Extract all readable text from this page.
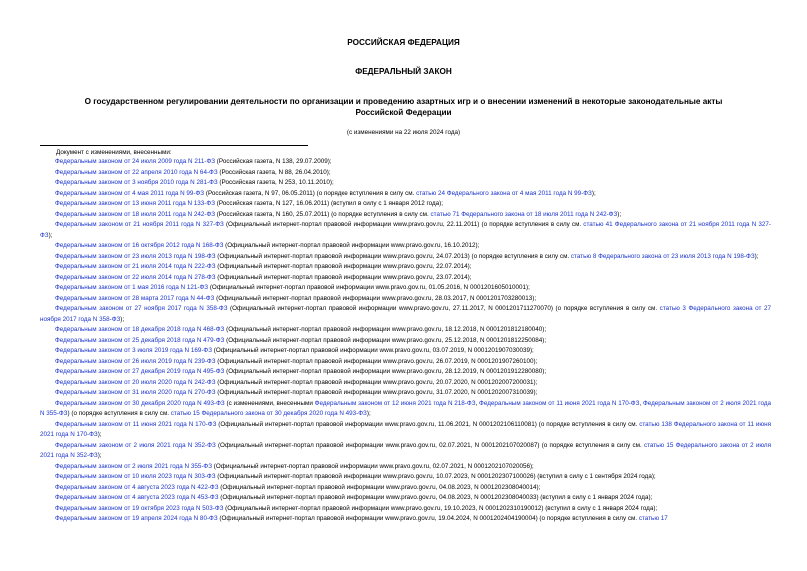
РОССИЙСКАЯ ФЕДЕРАЦИЯ
ФЕДЕРАЛЬНЫЙ ЗАКОН
О государственном регулировании деятельности по организации и проведению азартных игр и о внесении изменений в некоторые законодательные акты
Российской Федерации
(с изменениями на 22 июля 2024 года)
Документ с изменениями, внесенными:
Федеральным законом от 24 июля 2009 года N 211-ФЗ (Российская газета, N 138, 29.07.2009);
Федеральным законом от 22 апреля 2010 года N 64-ФЗ (Российская газета, N 88, 26.04.2010);
Федеральным законом от 3 ноября 2010 года N 281-ФЗ (Российская газета, N 253, 10.11.2010);
Федеральным законом от 4 мая 2011 года N 99-ФЗ (Российская газета, N 97, 06.05.2011) (о порядке вступления в силу см. статью 24 Федерального закона от 4 мая 2011 года N 99-ФЗ);
Федеральным законом от 13 июня 2011 года N 133-ФЗ (Российская газета, N 127, 16.06.2011) (вступил в силу с 1 января 2012 года);
Федеральным законом от 18 июля 2011 года N 242-ФЗ (Российская газета, N 160, 25.07.2011) (о порядке вступления в силу см. статью 71 Федерального закона от 18 июля 2011 года N 242-ФЗ);
Федеральным законом от 21 ноября 2011 года N 327-ФЗ (Официальный интернет-портал правовой информации www.pravo.gov.ru, 22.11.2011) (о порядке вступления в силу см. статью 41 Федерального закона от 21 ноября 2011 года N 327-ФЗ);
Федеральным законом от 16 октября 2012 года N 168-ФЗ (Официальный интернет-портал правовой информации www.pravo.gov.ru, 16.10.2012);
Федеральным законом от 23 июля 2013 года N 198-ФЗ (Официальный интернет-портал правовой информации www.pravo.gov.ru, 24.07.2013) (о порядке вступления в силу см. статью 8 Федерального закона от 23 июля 2013 года N 198-ФЗ);
Федеральным законом от 21 июля 2014 года N 222-ФЗ (Официальный интернет-портал правовой информации www.pravo.gov.ru, 22.07.2014);
Федеральным законом от 22 июля 2014 года N 278-ФЗ (Официальный интернет-портал правовой информации www.pravo.gov.ru, 23.07.2014);
Федеральным законом от 1 мая 2016 года N 121-ФЗ (Официальный интернет-портал правовой информации www.pravo.gov.ru, 01.05.2016, N 0001201605010001);
Федеральным законом от 28 марта 2017 года N 44-ФЗ (Официальный интернет-портал правовой информации www.pravo.gov.ru, 28.03.2017, N 0001201703280013);
Федеральным законом от 27 ноября 2017 года N 358-ФЗ (Официальный интернет-портал правовой информации www.pravo.gov.ru, 27.11.2017, N 0001201711270070) (о порядке вступления в силу см. статью 3 Федерального закона от 27 ноября 2017 года N 358-ФЗ);
Федеральным законом от 18 декабря 2018 года N 468-ФЗ (Официальный интернет-портал правовой информации www.pravo.gov.ru, 18.12.2018, N 0001201812180040);
Федеральным законом от 25 декабря 2018 года N 479-ФЗ (Официальный интернет-портал правовой информации www.pravo.gov.ru, 25.12.2018, N 0001201812250084);
Федеральным законом от 3 июля 2019 года N 169-ФЗ (Официальный интернет-портал правовой информации www.pravo.gov.ru, 03.07.2019, N 0001201907030039);
Федеральным законом от 26 июля 2019 года N 239-ФЗ (Официальный интернет-портал правовой информации www.pravo.gov.ru, 26.07.2019, N 0001201907260100);
Федеральным законом от 27 декабря 2019 года N 495-ФЗ (Официальный интернет-портал правовой информации www.pravo.gov.ru, 28.12.2019, N 0001201912280080);
Федеральным законом от 20 июля 2020 года N 242-ФЗ (Официальный интернет-портал правовой информации www.pravo.gov.ru, 20.07.2020, N 0001202007200031);
Федеральным законом от 31 июля 2020 года N 270-ФЗ (Официальный интернет-портал правовой информации www.pravo.gov.ru, 31.07.2020, N 0001202007310039);
Федеральным законом от 30 декабря 2020 года N 493-ФЗ (с изменениями, внесенными Федеральным законом от 12 июня 2021 года N 218-ФЗ, Федеральным законом от 11 июня 2021 года N 170-ФЗ, Федеральным законом от 2 июля 2021 года N 355-ФЗ) (о порядке вступления в силу см. статью 15 Федерального закона от 30 декабря 2020 года N 493-ФЗ);
Федеральным законом от 11 июня 2021 года N 170-ФЗ (Официальный интернет-портал правовой информации www.pravo.gov.ru, 11.06.2021, N 0001202106110081) (о порядке вступления в силу см. статью 138 Федерального закона от 11 июня 2021 года N 170-ФЗ);
Федеральным законом от 2 июля 2021 года N 352-ФЗ (Официальный интернет-портал правовой информации www.pravo.gov.ru, 02.07.2021, N 0001202107020087) (о порядке вступления в силу см. статью 15 Федерального закона от 2 июля 2021 года N 352-ФЗ);
Федеральным законом от 2 июля 2021 года N 355-ФЗ (Официальный интернет-портал правовой информации www.pravo.gov.ru, 02.07.2021, N 0001202107020056);
Федеральным законом от 10 июля 2023 года N 303-ФЗ (Официальный интернет-портал правовой информации www.pravo.gov.ru, 10.07.2023, N 0001202307100026) (вступил в силу с 1 сентября 2024 года);
Федеральным законом от 4 августа 2023 года N 422-ФЗ (Официальный интернет-портал правовой информации www.pravo.gov.ru, 04.08.2023, N 0001202308040014);
Федеральным законом от 4 августа 2023 года N 453-ФЗ (Официальный интернет-портал правовой информации www.pravo.gov.ru, 04.08.2023, N 0001202308040033) (вступил в силу с 1 января 2024 года);
Федеральным законом от 19 октября 2023 года N 503-ФЗ (Официальный интернет-портал правовой информации www.pravo.gov.ru, 19.10.2023, N 0001202310190012) (вступил в силу с 1 января 2024 года);
Федеральным законом от 19 апреля 2024 года N 80-ФЗ (Официальный интернет-портал правовой информации www.pravo.gov.ru, 19.04.2024, N 0001202404190004) (о порядке вступления в силу см. статью 17
